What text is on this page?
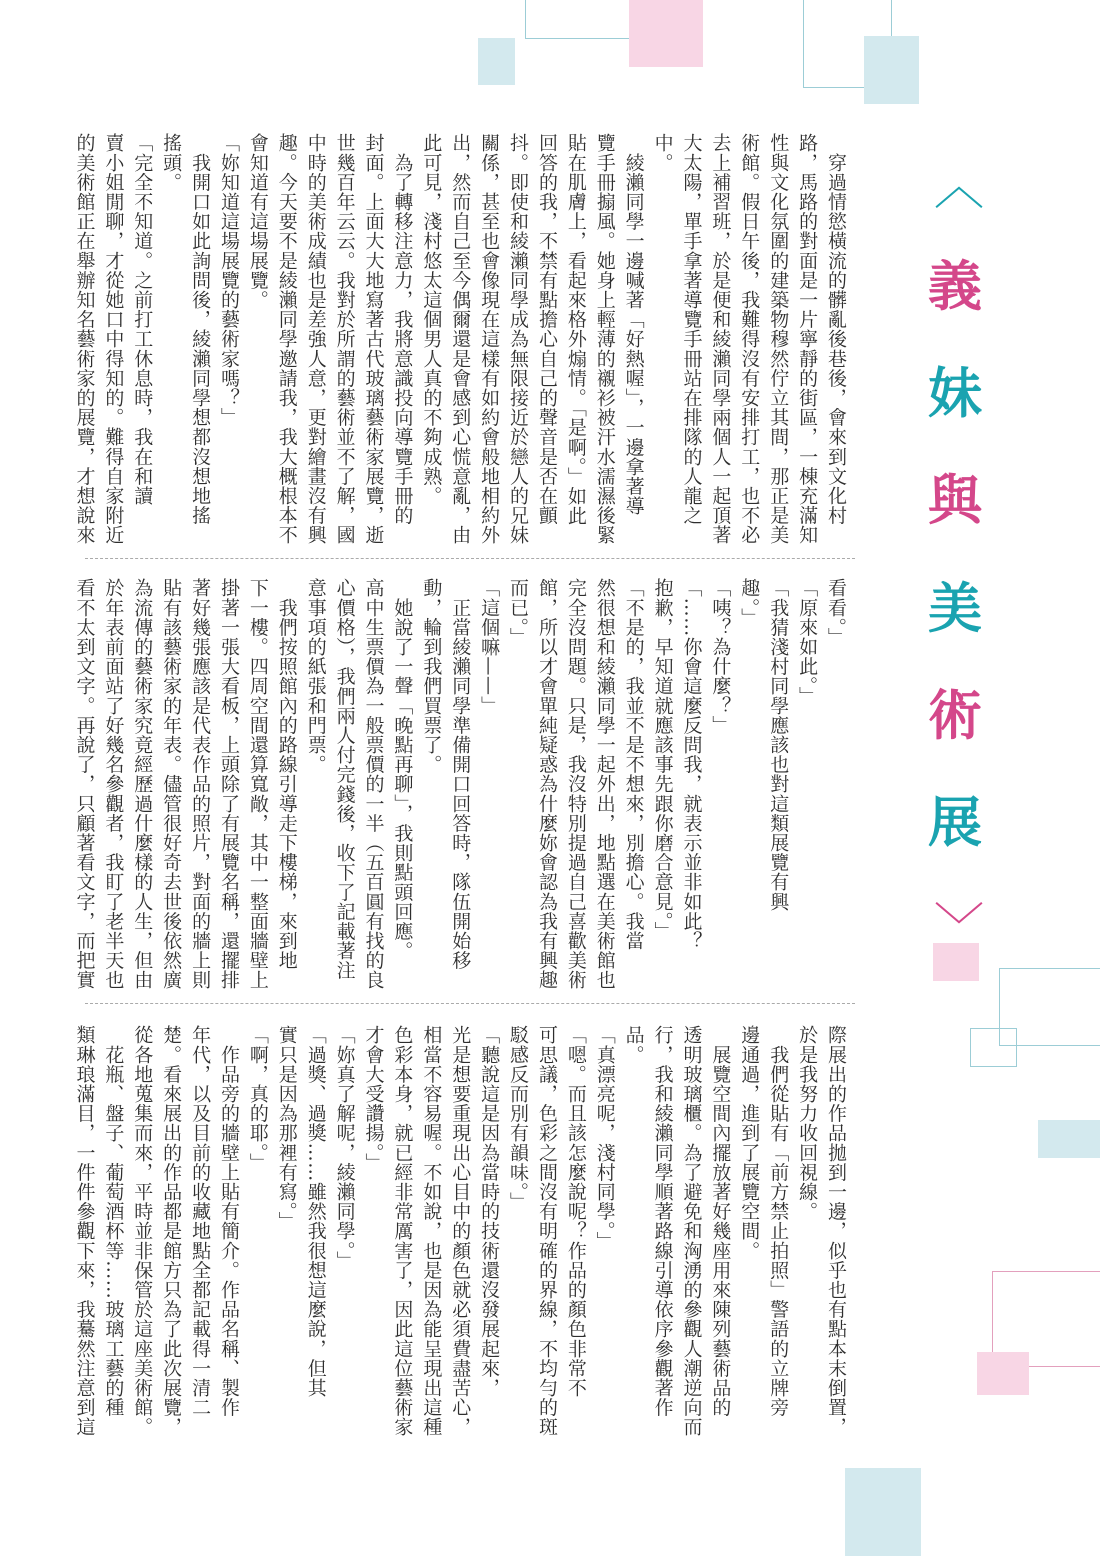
〈
義
妹
與
美
術
展
〉
　穿過情慾橫流的髒亂後巷後，會來到文化村
路，馬路的對面是一片寧靜的街區，一棟充滿知
性與文化氛圍的建築物穆然佇立其間，那正是美
術館。假日午後，我難得沒有安排打工，也不必
去上補習班，於是便和綾瀨同學兩個人一起頂著
大太陽，單手拿著導覽手冊站在排隊的人龍之
中。
　綾瀨同學一邊喊著「好熱喔」，一邊拿著導
覽手冊搧風。她身上輕薄的襯衫被汗水濡濕後緊
貼在肌膚上，看起來格外煽情。「是啊。」如此
回答的我，不禁有點擔心自己的聲音是否在顫
抖。即使和綾瀨同學成為無限接近於戀人的兄妹
關係，甚至也會像現在這樣有如約會般地相約外
出，然而自己至今偶爾還是會感到心慌意亂，由
此可見，淺村悠太這個男人真的不夠成熟。
　為了轉移注意力，我將意識投向導覽手冊的
封面。上面大大地寫著古代玻璃藝術家展覽，逝
世幾百年云云。我對於所謂的藝術並不了解，國
中時的美術成績也是差強人意，更對繪畫沒有興
趣。今天要不是綾瀨同學邀請我，我大概根本不
會知道有這場展覽。
「妳知道這場展覽的藝術家嗎？」
　我開口如此詢問後，綾瀨同學想都沒想地搖
搖頭。
「完全不知道。之前打工休息時，我在和讀
賣小姐閒聊，才從她口中得知的。難得自家附近
的美術館正在舉辦知名藝術家的展覽，才想說來
看看。」
「原來如此。」
「我猜淺村同學應該也對這類展覽有興
趣。」
「咦？為什麼？」
「……你會這麼反問我，就表示並非如此？
抱歉，早知道就應該事先跟你磨合意見。」
「不是的，我並不是不想來，別擔心。我當
然很想和綾瀨同學一起外出，地點選在美術館也
完全沒問題。只是，我沒特別提過自己喜歡美術
館，所以才會單純疑惑為什麼妳會認為我有興趣
而已。」
「這個嘛——」
　正當綾瀨同學準備開口回答時，隊伍開始移
動，輪到我們買票了。
　她說了一聲「晚點再聊」，我則點頭回應。
高中生票價為一般票價的一半（五百圓有找的良
心價格），我們兩人付完錢後，收下了記載著注
意事項的紙張和門票。
　我們按照館內的路線引導走下樓梯，來到地
下一樓。四周空間還算寬敞，其中一整面牆壁上
掛著一張大看板，上頭除了有展覽名稱，還擺排
著好幾張應該是代表作品的照片，對面的牆上則
貼有該藝術家的年表。儘管很好奇去世後依然廣
為流傳的藝術家究竟經歷過什麼樣的人生，但由
於年表前面站了好幾名參觀者，我盯了老半天也
看不太到文字。再說了，只顧著看文字，而把實
際展出的作品拋到一邊，似乎也有點本末倒置，
於是我努力收回視線。
　我們從貼有「前方禁止拍照」警語的立牌旁
邊通過，進到了展覽空間。
　展覽空間內擺放著好幾座用來陳列藝術品的
透明玻璃櫃。為了避免和洶湧的參觀人潮逆向而
行，我和綾瀨同學順著路線引導依序參觀著作
品。
「真漂亮呢，淺村同學。」
「嗯。而且該怎麼說呢？作品的顏色非常不
可思議，色彩之間沒有明確的界線，不均勻的斑
駁感反而別有韻味。」
「聽說這是因為當時的技術還沒發展起來，
光是想要重現出心目中的顏色就必須費盡苦心，
相當不容易喔。不如說，也是因為能呈現出這種
色彩本身，就已經非常厲害了，因此這位藝術家
才會大受讚揚。」
「妳真了解呢，綾瀨同學。」
「過獎、過獎……雖然我很想這麼說，但其
實只是因為那裡有寫。」
「啊，真的耶。」
　作品旁的牆壁上貼有簡介。作品名稱、製作
年代，以及目前的收藏地點全都記載得一清二
楚。看來展出的作品都是館方只為了此次展覽，
從各地蒐集而來，平時並非保管於這座美術館。
　花瓶、盤子、葡萄酒杯等……玻璃工藝的種
類琳琅滿目，一件件參觀下來，我驀然注意到這
